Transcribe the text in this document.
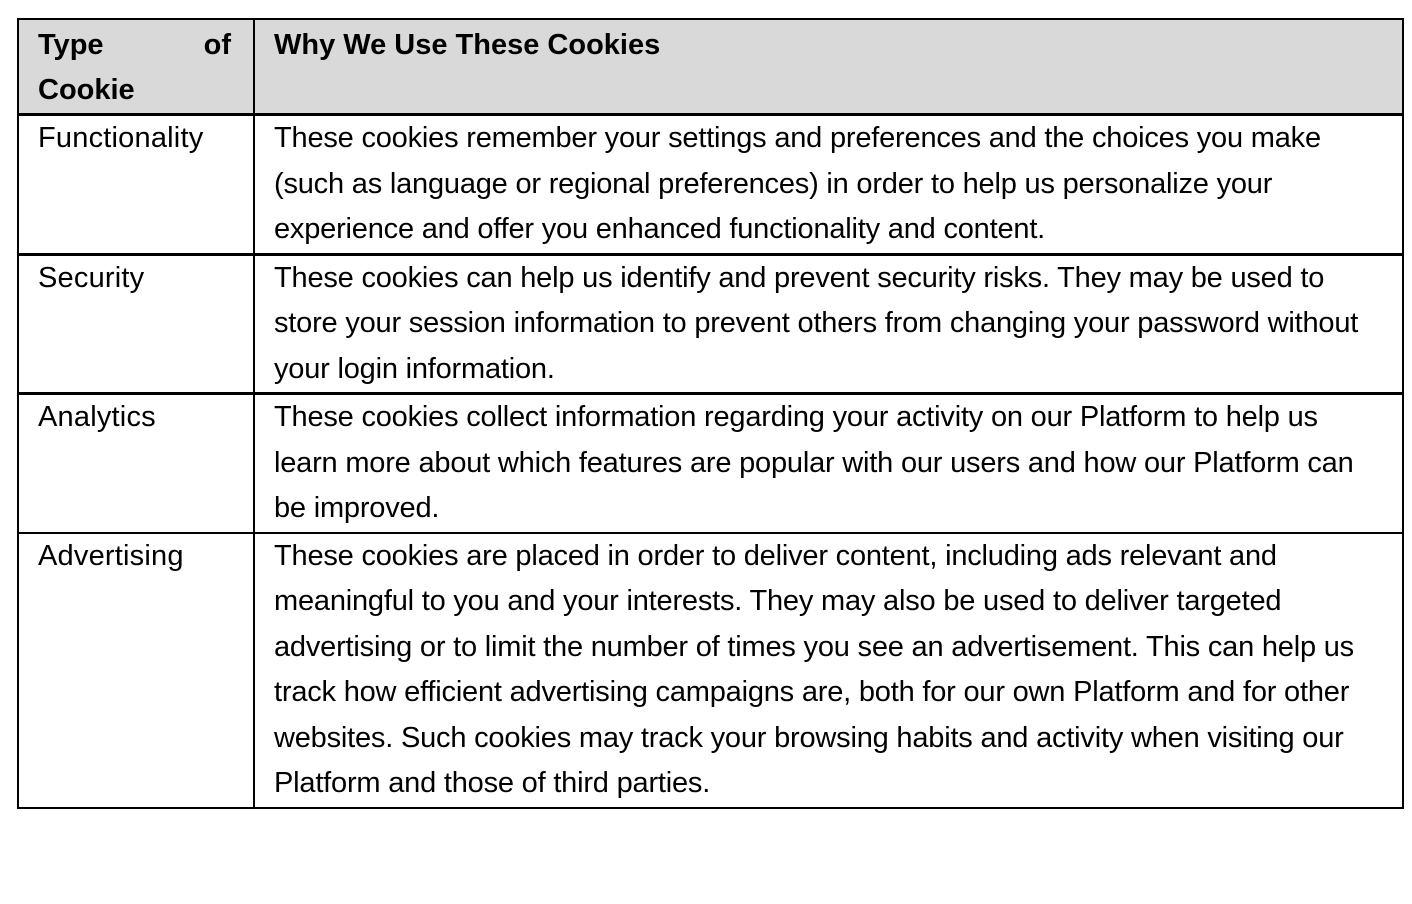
Type of
Cookie	Why We Use These Cookies
Functionality	These cookies remember your settings and preferences and the choices you make (such as language or regional preferences) in order to help us personalize your experience and offer you enhanced functionality and content.
Security	These cookies can help us identify and prevent security risks. They may be used to store your session information to prevent others from changing your password without your login information.
Analytics	These cookies collect information regarding your activity on our Platform to help us learn more about which features are popular with our users and how our Platform can be improved.
Advertising	These cookies are placed in order to deliver content, including ads relevant and meaningful to you and your interests. They may also be used to deliver targeted advertising or to limit the number of times you see an advertisement. This can help us track how efficient advertising campaigns are, both for our own Platform and for other websites. Such cookies may track your browsing habits and activity when visiting our Platform and those of third parties.
